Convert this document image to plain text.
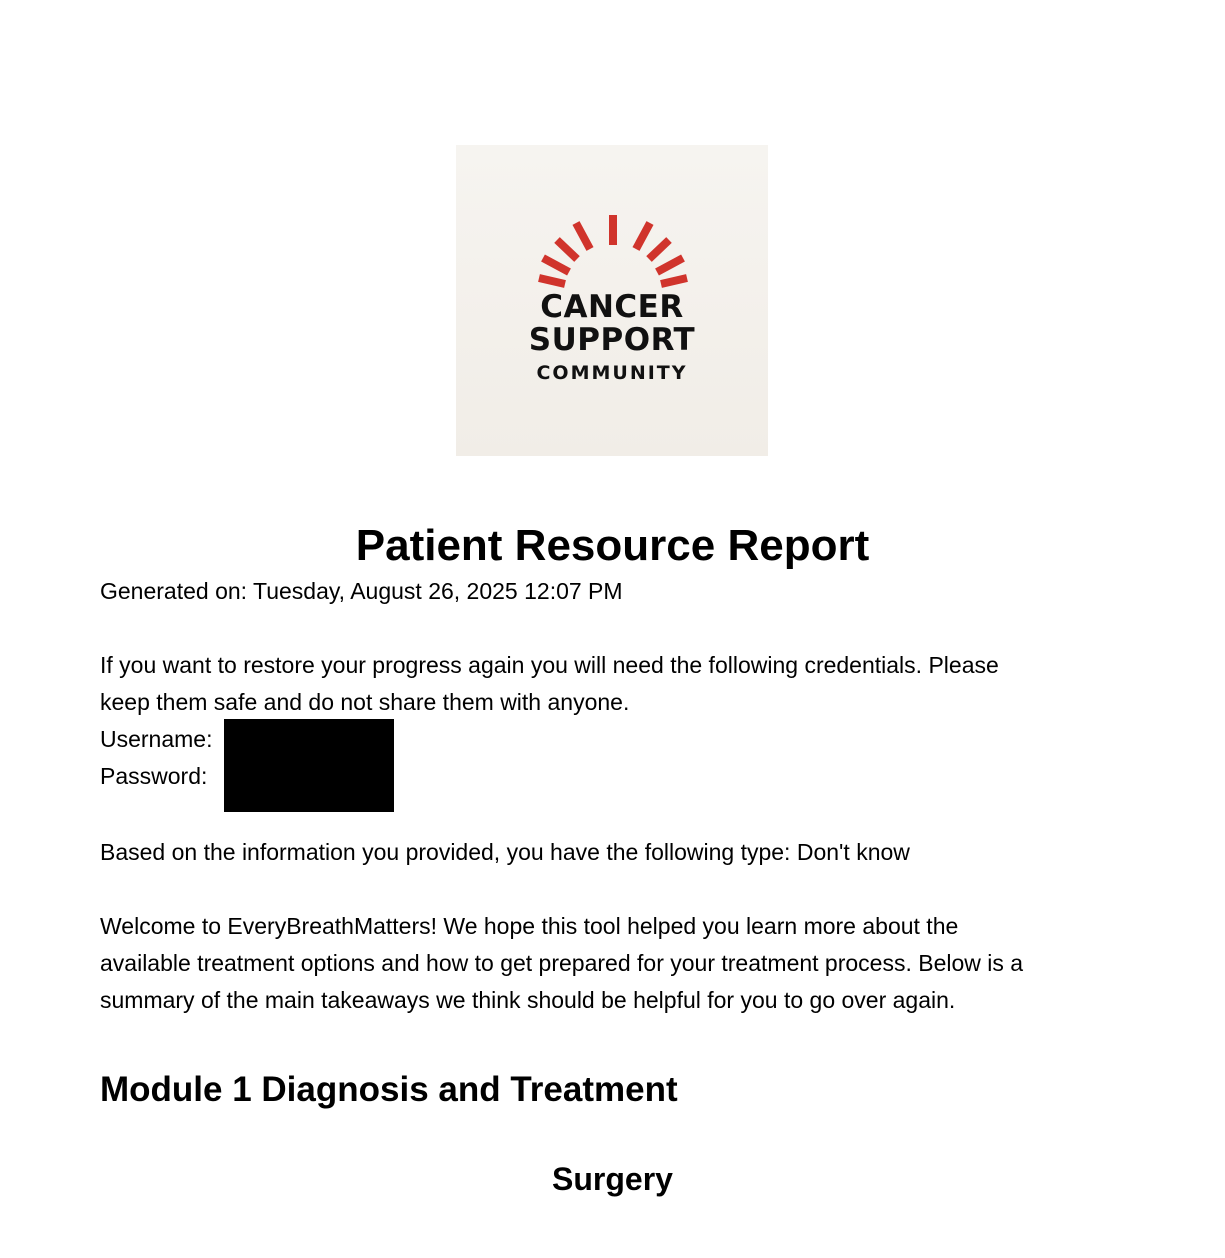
CANCER
SUPPORT
COMMUNITY
Patient Resource Report

Generated on: Tuesday, August 26, 2025 12:07 PM

If you want to restore your progress again you will need the following credentials. Please

keep them safe and do not share them with anyone.

Username:

Password:

Based on the information you provided, you have the following type: Don't know

Welcome to EveryBreathMatters! We hope this tool helped you learn more about the

available treatment options and how to get prepared for your treatment process. Below is a

summary of the main takeaways we think should be helpful for you to go over again.

Module 1 Diagnosis and Treatment
Surgery
